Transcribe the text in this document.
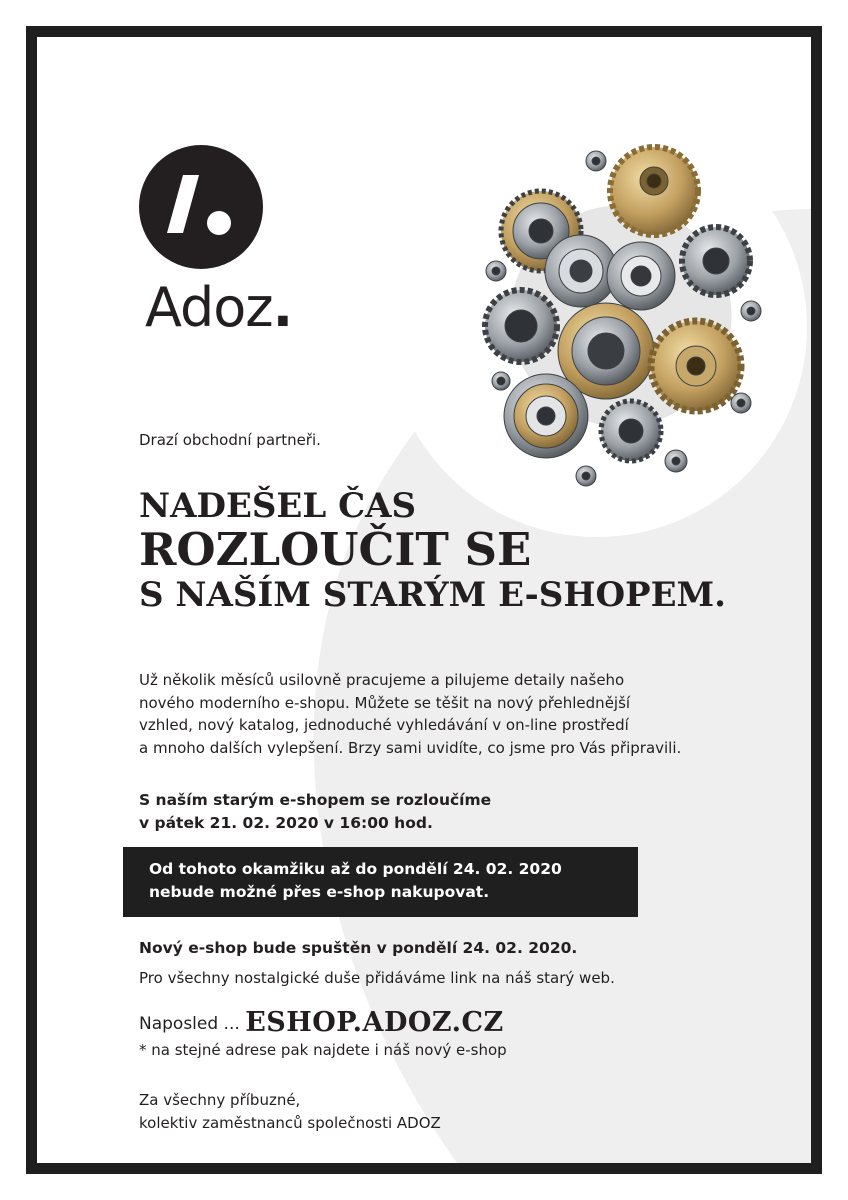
Adoz.
Drazí obchodní partneři.
NADEŠEL ČAS
ROZLOUČIT SE
S NAŠÍM STARÝM E-SHOPEM.
Už několik měsíců usilovně pracujeme a pilujeme detaily našeho
nového moderního e-shopu. Můžete se těšit na nový přehlednější
vzhled, nový katalog, jednoduché vyhledávání v on-line prostředí
a mnoho dalších vylepšení. Brzy sami uvidíte, co jsme pro Vás připravili.
S naším starým e-shopem se rozloučíme
v pátek 21. 02. 2020 v 16:00 hod.
Od tohoto okamžiku až do pondělí 24. 02. 2020
nebude možné přes e-shop nakupovat.
Nový e-shop bude spuštěn v pondělí 24. 02. 2020.
Pro všechny nostalgické duše přidáváme link na náš starý web.
Naposled ... ESHOP.ADOZ.CZ
* na stejné adrese pak najdete i náš nový e-shop
Za všechny příbuzné,
kolektiv zaměstnanců společnosti ADOZ
